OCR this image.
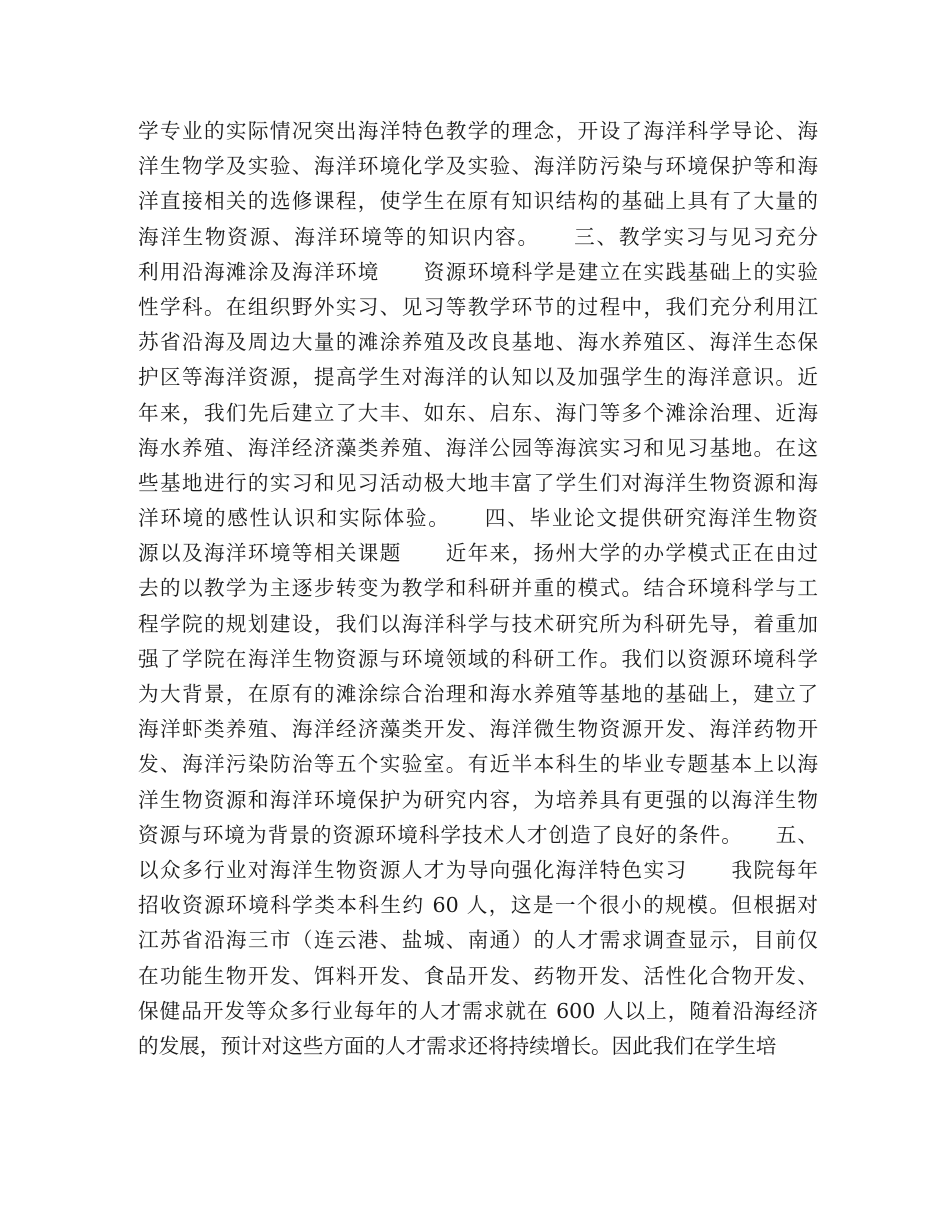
学专业的实际情况突出海洋特色教学的理念，开设了海洋科学导论、海
洋生物学及实验、海洋环境化学及实验、海洋防污染与环境保护等和海
洋直接相关的选修课程，使学生在原有知识结构的基础上具有了大量的
海洋生物资源、海洋环境等的知识内容。　　三、教学实习与见习充分
利用沿海滩涂及海洋环境　　资源环境科学是建立在实践基础上的实验
性学科。在组织野外实习、见习等教学环节的过程中，我们充分利用江
苏省沿海及周边大量的滩涂养殖及改良基地、海水养殖区、海洋生态保
护区等海洋资源，提高学生对海洋的认知以及加强学生的海洋意识。近
年来，我们先后建立了大丰、如东、启东、海门等多个滩涂治理、近海
海水养殖、海洋经济藻类养殖、海洋公园等海滨实习和见习基地。在这
些基地进行的实习和见习活动极大地丰富了学生们对海洋生物资源和海
洋环境的感性认识和实际体验。　　四、毕业论文提供研究海洋生物资
源以及海洋环境等相关课题　　近年来，扬州大学的办学模式正在由过
去的以教学为主逐步转变为教学和科研并重的模式。结合环境科学与工
程学院的规划建设，我们以海洋科学与技术研究所为科研先导，着重加
强了学院在海洋生物资源与环境领域的科研工作。我们以资源环境科学
为大背景，在原有的滩涂综合治理和海水养殖等基地的基础上，建立了
海洋虾类养殖、海洋经济藻类开发、海洋微生物资源开发、海洋药物开
发、海洋污染防治等五个实验室。有近半本科生的毕业专题基本上以海
洋生物资源和海洋环境保护为研究内容，为培养具有更强的以海洋生物
资源与环境为背景的资源环境科学技术人才创造了良好的条件。　　五、
以众多行业对海洋生物资源人才为导向强化海洋特色实习　　我院每年
招收资源环境科学类本科生约 60 人，这是一个很小的规模。但根据对
江苏省沿海三市（连云港、盐城、南通）的人才需求调查显示，目前仅
在功能生物开发、饵料开发、食品开发、药物开发、活性化合物开发、
保健品开发等众多行业每年的人才需求就在 600 人以上，随着沿海经济
的发展，预计对这些方面的人才需求还将持续增长。因此我们在学生培
